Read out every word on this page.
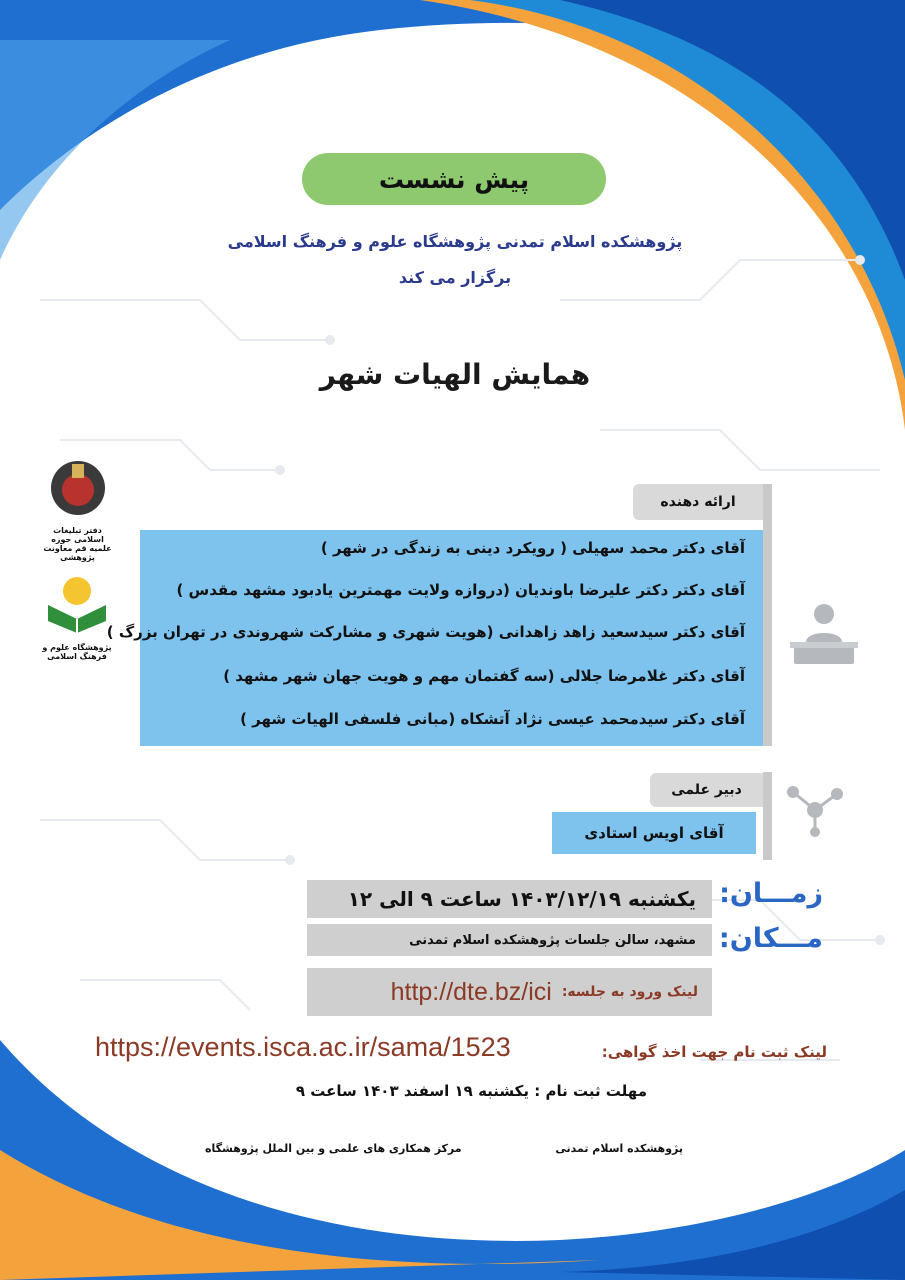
پیش نشست
پژوهشکده اسلام تمدنی پژوهشگاه علوم و فرهنگ اسلامی
برگزار می کند
همایش الهیات شهر
دفتر تبلیغات اسلامی حوزه علمیه قم معاونت پژوهشی
پژوهشگاه علوم و فرهنگ اسلامی
ارائه دهنده
آقای دکتر محمد سهیلی ( رویکرد دینی به زندگی در شهر )
آقای دکتر دکتر علیرضا باوندیان (دروازه ولایت مهمترین یادبود مشهد مقدس )
آقای دکتر سیدسعید زاهد زاهدانی (هویت شهری و مشارکت شهروندی در تهران بزرگ )
آقای دکتر غلامرضا جلالی (سه گفتمان مهم و هویت جهان شهر مشهد )
آقای دکتر سیدمحمد عیسی نژاد آتشکاه (مبانی فلسفی الهیات شهر )
دبیر علمی
آقای اویس استادی
زمـــان:
یکشنبه ۱۴۰۳/۱۲/۱۹ ساعت ۹ الی ۱۲
مـــکان:
مشهد، سالن جلسات پژوهشکده اسلام تمدنی
لینک ورود به جلسه:
http://dte.bz/ici
لینک ثبت نام جهت اخذ گواهی:
https://events.isca.ac.ir/sama/1523
مهلت ثبت نام : یکشنبه ۱۹ اسفند ۱۴۰۳ ساعت ۹
پژوهشکده اسلام تمدنی
مرکز همکاری های علمی و بین الملل پژوهشگاه
